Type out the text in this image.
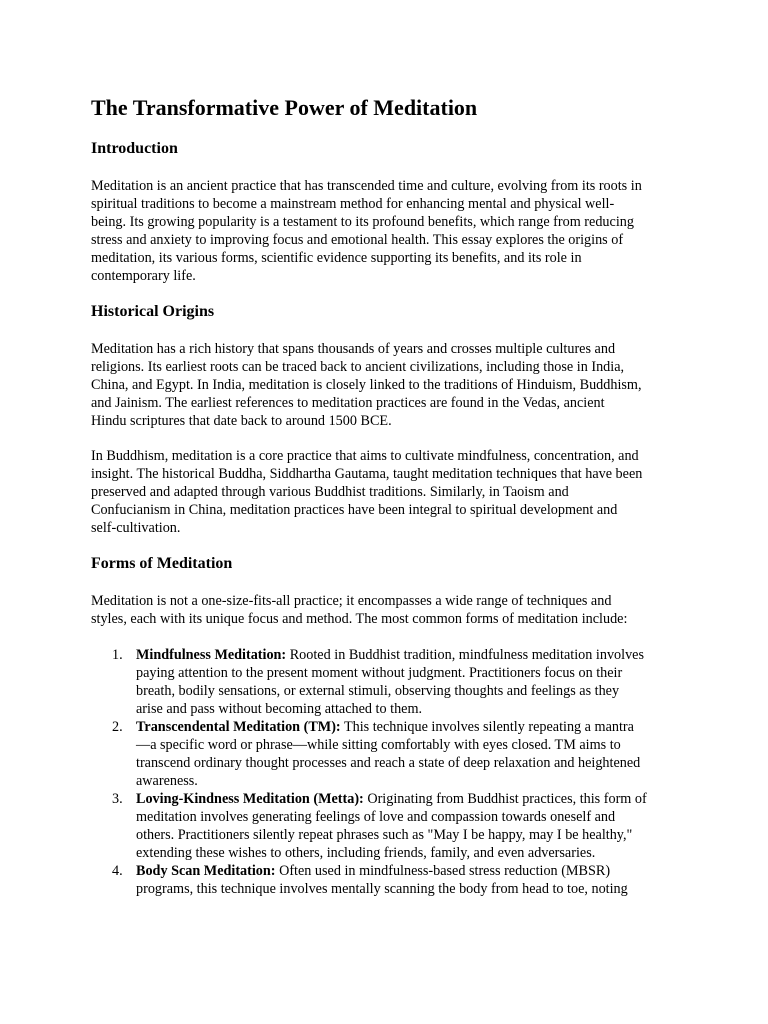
The Transformative Power of Meditation
Introduction
Meditation is an ancient practice that has transcended time and culture, evolving from its roots in
spiritual traditions to become a mainstream method for enhancing mental and physical well-
being. Its growing popularity is a testament to its profound benefits, which range from reducing
stress and anxiety to improving focus and emotional health. This essay explores the origins of
meditation, its various forms, scientific evidence supporting its benefits, and its role in
contemporary life.
Historical Origins
Meditation has a rich history that spans thousands of years and crosses multiple cultures and
religions. Its earliest roots can be traced back to ancient civilizations, including those in India,
China, and Egypt. In India, meditation is closely linked to the traditions of Hinduism, Buddhism,
and Jainism. The earliest references to meditation practices are found in the Vedas, ancient
Hindu scriptures that date back to around 1500 BCE.
In Buddhism, meditation is a core practice that aims to cultivate mindfulness, concentration, and
insight. The historical Buddha, Siddhartha Gautama, taught meditation techniques that have been
preserved and adapted through various Buddhist traditions. Similarly, in Taoism and
Confucianism in China, meditation practices have been integral to spiritual development and
self-cultivation.
Forms of Meditation
Meditation is not a one-size-fits-all practice; it encompasses a wide range of techniques and
styles, each with its unique focus and method. The most common forms of meditation include:
1. Mindfulness Meditation: Rooted in Buddhist tradition, mindfulness meditation involves
paying attention to the present moment without judgment. Practitioners focus on their
breath, bodily sensations, or external stimuli, observing thoughts and feelings as they
arise and pass without becoming attached to them.
2. Transcendental Meditation (TM): This technique involves silently repeating a mantra
—a specific word or phrase—while sitting comfortably with eyes closed. TM aims to
transcend ordinary thought processes and reach a state of deep relaxation and heightened
awareness.
3. Loving-Kindness Meditation (Metta): Originating from Buddhist practices, this form of
meditation involves generating feelings of love and compassion towards oneself and
others. Practitioners silently repeat phrases such as "May I be happy, may I be healthy,"
extending these wishes to others, including friends, family, and even adversaries.
4. Body Scan Meditation: Often used in mindfulness-based stress reduction (MBSR)
programs, this technique involves mentally scanning the body from head to toe, noting
